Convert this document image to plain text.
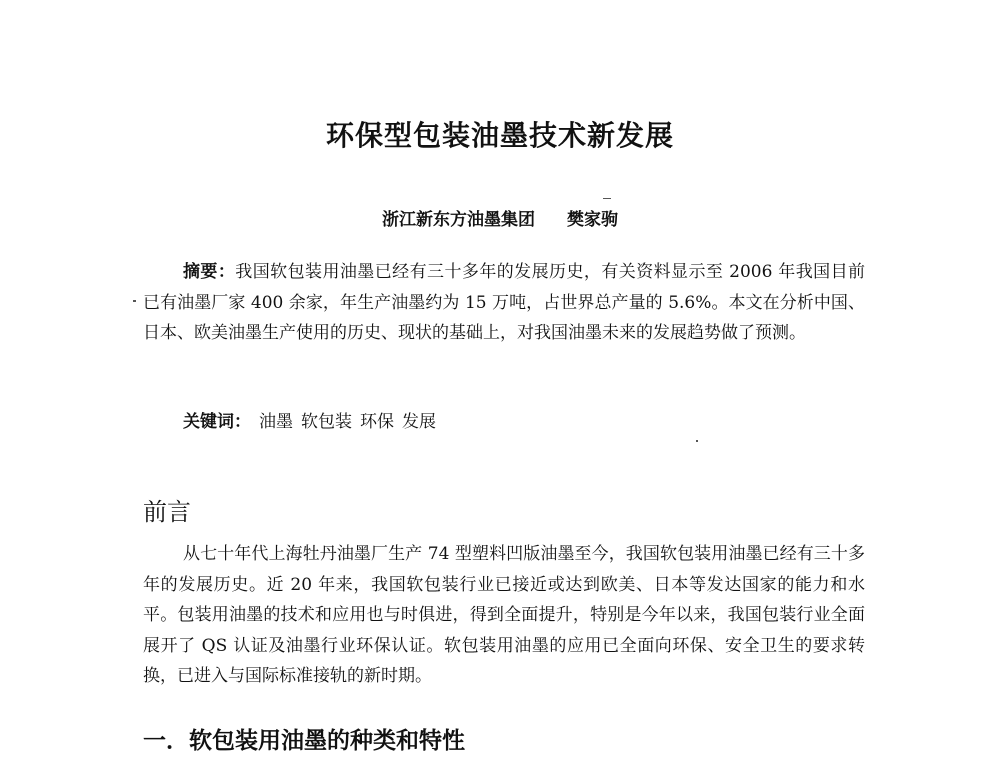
环保型包装油墨技术新发展
浙江新东方油墨集团 樊家驹
摘要：我国软包装用油墨已经有三十多年的发展历史，有关资料显示至 2006 年我国目前已有油墨厂家 400 余家，年生产油墨约为 15 万吨，占世界总产量的 5.6%。本文在分析中国、日本、欧美油墨生产使用的历史、现状的基础上，对我国油墨未来的发展趋势做了预测。
关键词： 油墨 软包装 环保 发展
前言
从七十年代上海牡丹油墨厂生产 74 型塑料凹版油墨至今，我国软包装用油墨已经有三十多年的发展历史。近 20 年来，我国软包装行业已接近或达到欧美、日本等发达国家的能力和水平。包装用油墨的技术和应用也与时俱进，得到全面提升，特别是今年以来，我国包装行业全面展开了 QS 认证及油墨行业环保认证。软包装用油墨的应用已全面向环保、安全卫生的要求转换，已进入与国际标准接轨的新时期。
一．软包装用油墨的种类和特性
